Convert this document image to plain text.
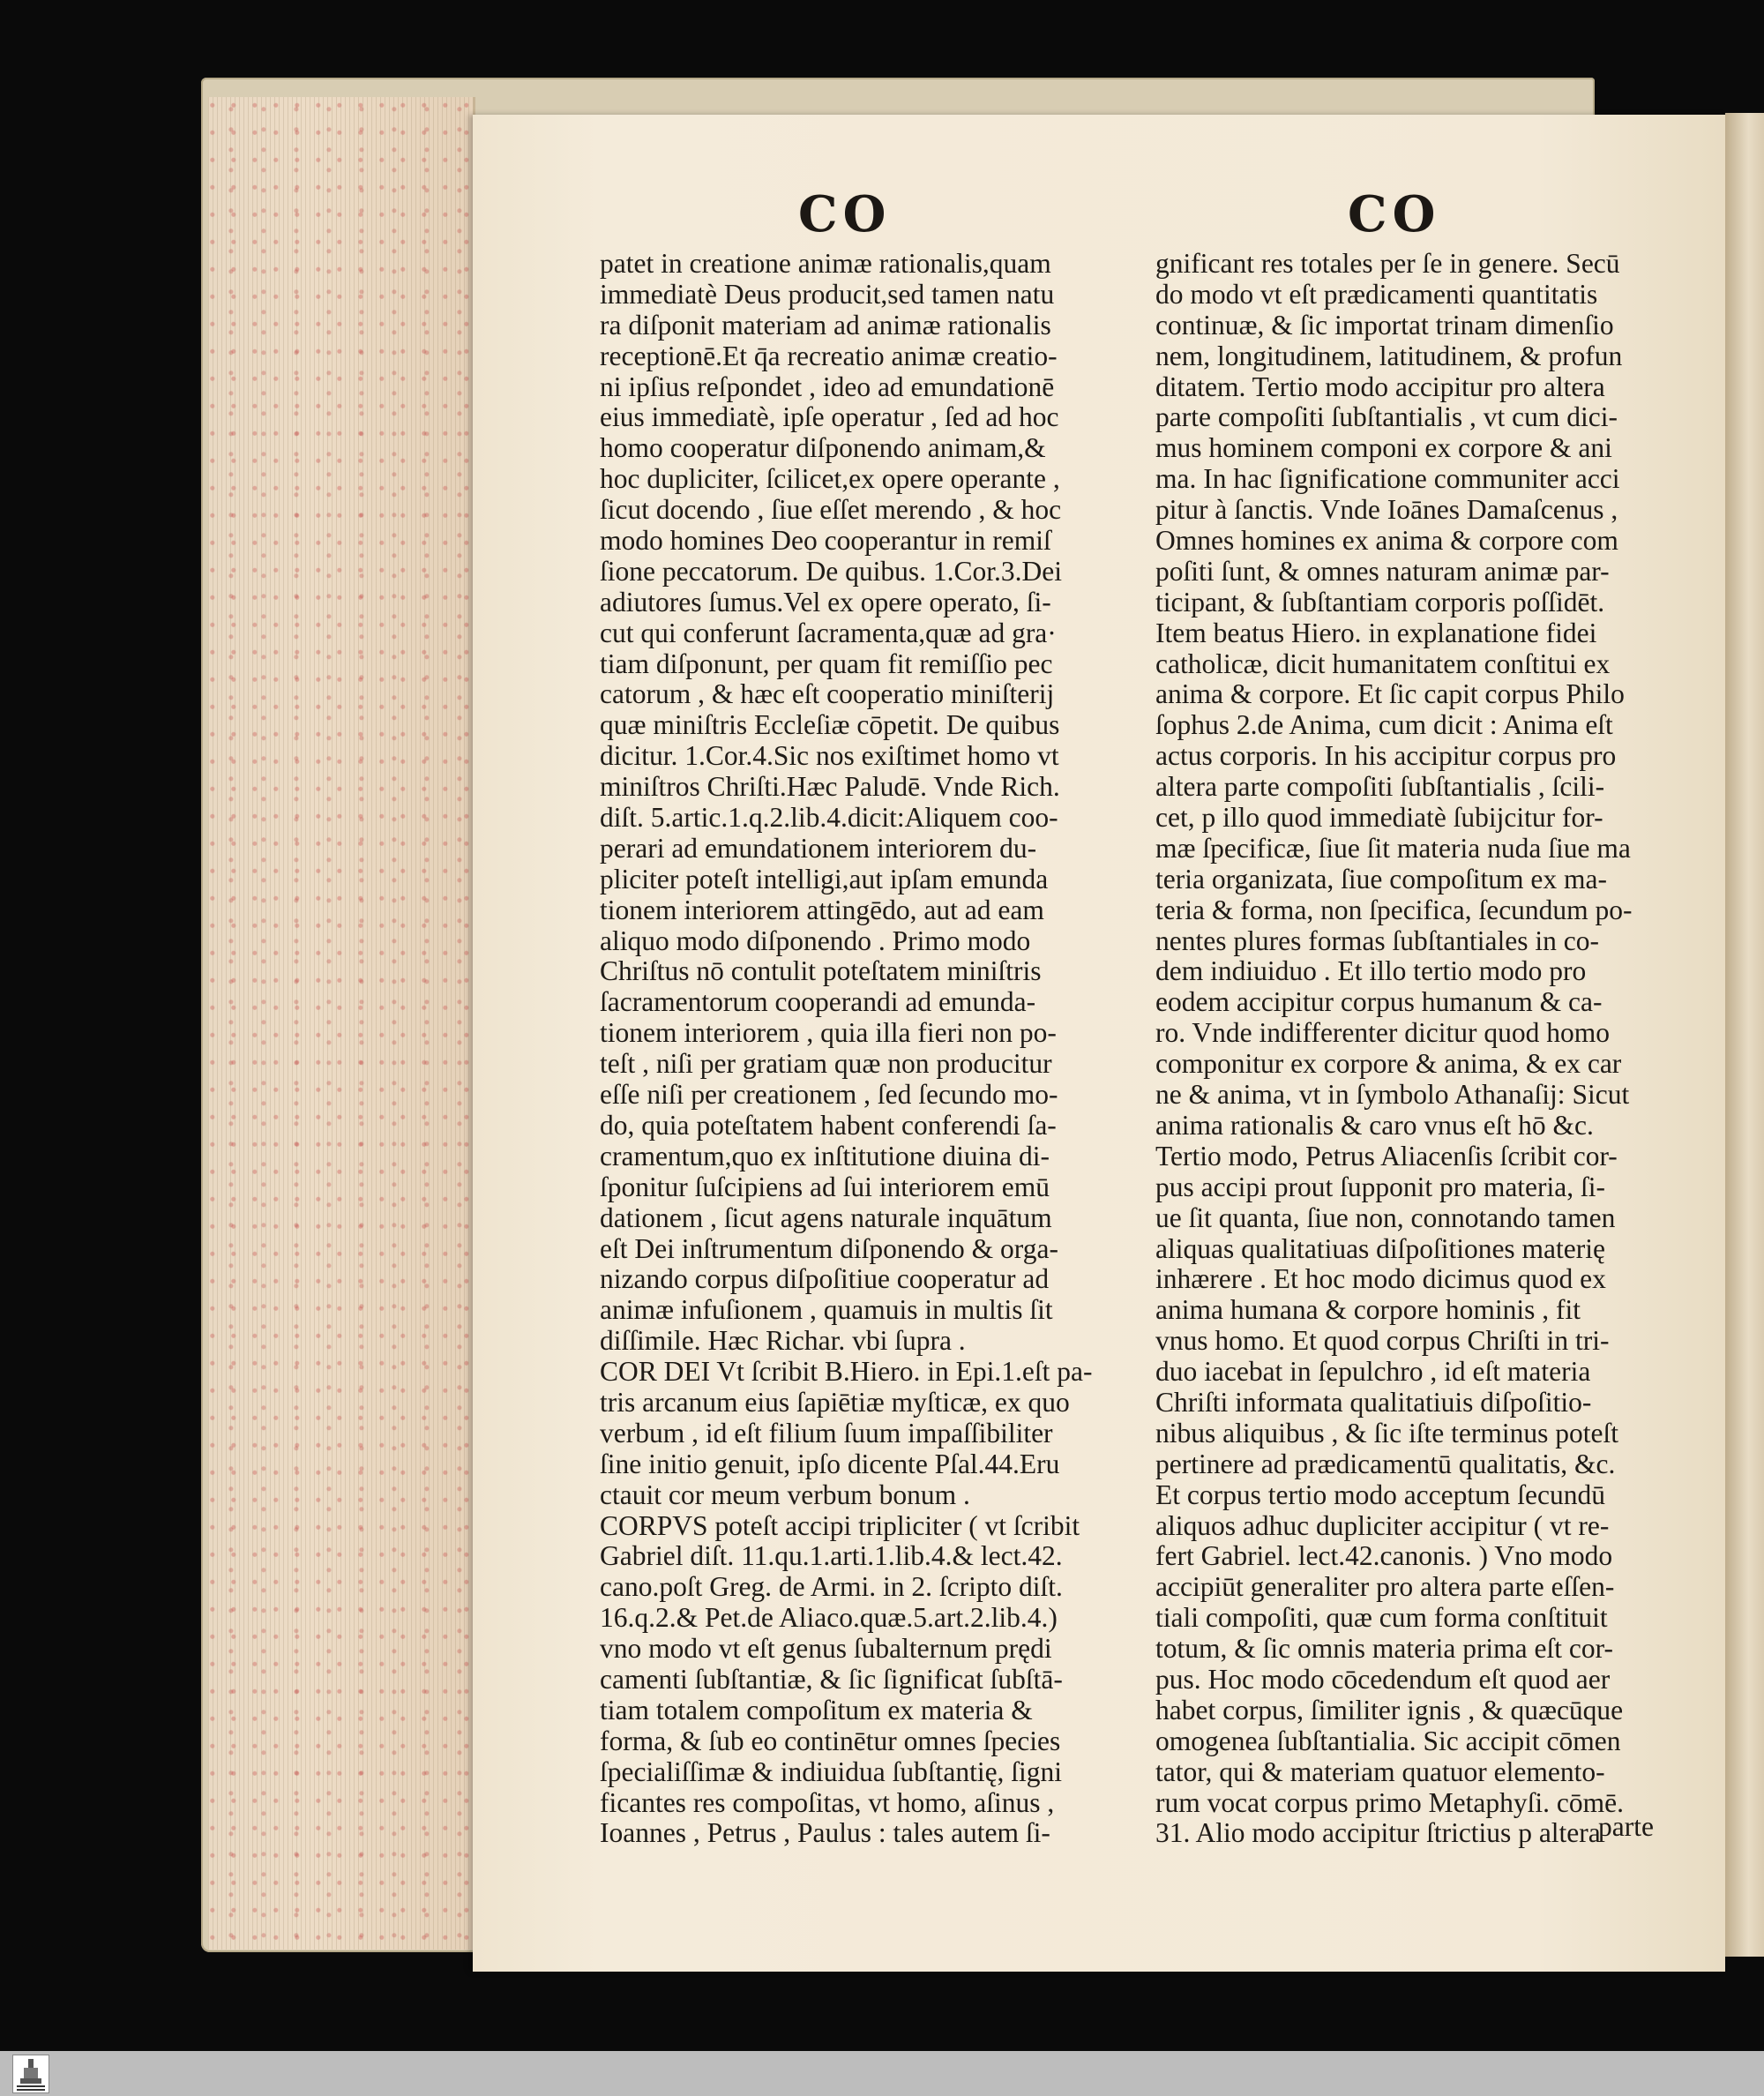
CO	CO
patet in creatione animæ rationalis,quam
immediatè Deus producit,sed tamen natu
ra diſponit materiam ad animæ rationalis
receptionē.Et q̄a recreatio animæ creatio-
ni ipſius reſpondet , ideo ad emundationē
eius immediatè, ipſe operatur , ſed ad hoc
homo cooperatur diſponendo animam,&
hoc dupliciter, ſcilicet,ex opere operante ,
ſicut docendo , ſiue eſſet merendo , & hoc
modo homines Deo cooperantur in remiſ
ſione peccatorum. De quibus. 1.Cor.3.Dei
adiutores ſumus.Vel ex opere operato, ſi-
cut qui conferunt ſacramenta,quæ ad gra·
tiam diſponunt, per quam fit remiſſio pec
catorum , & hæc eſt cooperatio miniſterij
quæ miniſtris Eccleſiæ cōpetit. De quibus
dicitur. 1.Cor.4.Sic nos exiſtimet homo vt
miniſtros Chriſti.Hæc Paludē. Vnde Rich.
diſt. 5.artic.1.q.2.lib.4.dicit:Aliquem coo-
perari ad emundationem interiorem du-
pliciter poteſt intelligi,aut ipſam emunda
tionem interiorem attingēdo, aut ad eam
aliquo modo diſponendo . Primo modo
Chriſtus nō contulit poteſtatem miniſtris
ſacramentorum cooperandi ad emunda-
tionem interiorem , quia illa fieri non po-
teſt , niſi per gratiam quæ non producitur
eſſe niſi per creationem , ſed ſecundo mo-
do, quia poteſtatem habent conferendi ſa-
cramentum,quo ex inſtitutione diuina di-
ſponitur ſuſcipiens ad ſui interiorem emū
dationem , ſicut agens naturale inquātum
eſt Dei inſtrumentum diſponendo & orga-
nizando corpus diſpoſitiue cooperatur ad
animæ infuſionem , quamuis in multis ſit
diſſimile. Hæc Richar. vbi ſupra .
COR DEI Vt ſcribit B.Hiero. in Epi.1.eſt pa-
tris arcanum eius ſapiētiæ myſticæ, ex quo
verbum , id eſt filium ſuum impaſſibiliter
ſine initio genuit, ipſo dicente Pſal.44.Eru
ctauit cor meum verbum bonum .
CORPVS poteſt accipi tripliciter ( vt ſcribit
Gabriel diſt. 11.qu.1.arti.1.lib.4.& lect.42.
cano.poſt Greg. de Armi. in 2. ſcripto diſt.
16.q.2.& Pet.de Aliaco.quæ.5.art.2.lib.4.)
vno modo vt eſt genus ſubalternum prędi
camenti ſubſtantiæ, & ſic ſignificat ſubſtā-
tiam totalem compoſitum ex materia &
forma, & ſub eo continētur omnes ſpecies
ſpecialiſſimæ & indiuidua ſubſtantię, ſigni
ficantes res compoſitas, vt homo, aſinus ,
Ioannes , Petrus , Paulus : tales autem ſi-
gnificant res totales per ſe in genere. Secū
do modo vt eſt prædicamenti quantitatis
continuæ, & ſic importat trinam dimenſio
nem, longitudinem, latitudinem, & profun
ditatem. Tertio modo accipitur pro altera
parte compoſiti ſubſtantialis , vt cum dici-
mus hominem componi ex corpore & ani
ma. In hac ſignificatione communiter acci
pitur à ſanctis. Vnde Ioānes Damaſcenus ,
Omnes homines ex anima & corpore com
poſiti ſunt, & omnes naturam animæ par-
ticipant, & ſubſtantiam corporis poſſidēt.
Item beatus Hiero. in explanatione fidei
catholicæ, dicit humanitatem conſtitui ex
anima & corpore. Et ſic capit corpus Philo
ſophus 2.de Anima, cum dicit : Anima eſt
actus corporis. In his accipitur corpus pro
altera parte compoſiti ſubſtantialis , ſcili-
cet, p illo quod immediatè ſubijcitur for-
mæ ſpecificæ, ſiue ſit materia nuda ſiue ma
teria organizata, ſiue compoſitum ex ma-
teria & forma, non ſpecifica, ſecundum po-
nentes plures formas ſubſtantiales in co-
dem indiuiduo . Et illo tertio modo pro
eodem accipitur corpus humanum & ca-
ro. Vnde indifferenter dicitur quod homo
componitur ex corpore & anima, & ex car
ne & anima, vt in ſymbolo Athanaſij: Sicut
anima rationalis & caro vnus eſt hō &c.
Tertio modo, Petrus Aliacenſis ſcribit cor-
pus accipi prout ſupponit pro materia, ſi-
ue ſit quanta, ſiue non, connotando tamen
aliquas qualitatiuas diſpoſitiones materię
inhærere . Et hoc modo dicimus quod ex
anima humana & corpore hominis , fit
vnus homo. Et quod corpus Chriſti in tri-
duo iacebat in ſepulchro , id eſt materia
Chriſti informata qualitatiuis diſpoſitio-
nibus aliquibus , & ſic iſte terminus poteſt
pertinere ad prædicamentū qualitatis, &c.
Et corpus tertio modo acceptum ſecundū
aliquos adhuc dupliciter accipitur ( vt re-
fert Gabriel. lect.42.canonis. ) Vno modo
accipiūt generaliter pro altera parte eſſen-
tiali compoſiti, quæ cum forma conſtituit
totum, & ſic omnis materia prima eſt cor-
pus. Hoc modo cōcedendum eſt quod aer
habet corpus, ſimiliter ignis , & quæcūque
omogenea ſubſtantialia. Sic accipit cōmen
tator, qui & materiam quatuor elemento-
rum vocat corpus primo Metaphyſi. cōmē.
31. Alio modo accipitur ſtrictius p altera
parte
